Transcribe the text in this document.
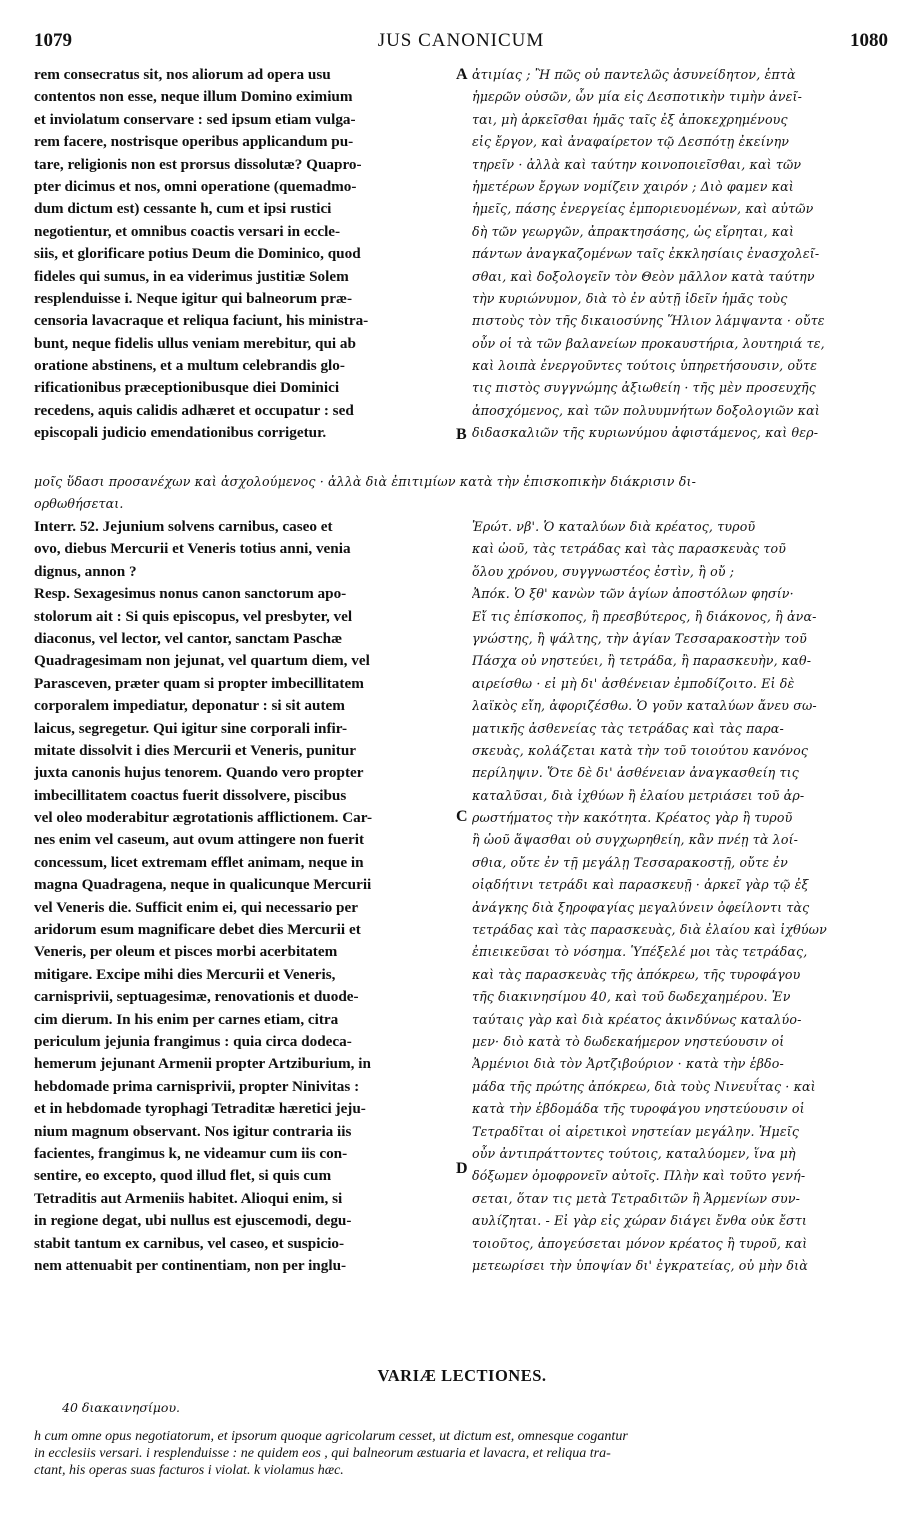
1079	JUS CANONICUM	1080
rem consecratus sit, nos aliorum ad opera usu
contentos non esse, neque illum Domino eximium
et inviolatum conservare : sed ipsum etiam vulga-
rem facere, nostrisque operibus applicandum pu-
tare, religionis non est prorsus dissolutæ? Quapro-
pter dicimus et nos, omni operatione (quemadmo-
dum dictum est) cessante h, cum et ipsi rustici
negotientur, et omnibus coactis versari in eccle-
siis, et glorificare potius Deum die Dominico, quod
fideles qui sumus, in ea viderimus justitiæ Solem
resplenduisse i. Neque igitur qui balneorum præ-
censoria lavacraque et reliqua faciunt, his ministra-
bunt, neque fidelis ullus veniam merebitur, qui ab
oratione abstinens, et a multum celebrandis glo-
rificationibus præceptionibusque diei Dominici
recedens, aquis calidis adhæret et occupatur : sed
episcopali judicio emendationibus corrigetur.
ἀτιμίας ; Ἢ πῶς οὐ παντελῶς ἀσυνείδητον, ἑπτὰ
ἡμερῶν οὐσῶν, ὧν μία εἰς Δεσποτικὴν τιμὴν ἀνεῖ-
ται, μὴ ἀρκεῖσθαι ἡμᾶς ταῖς ἐξ ἀποκεχρημένους
εἰς ἔργον, καὶ ἀναφαίρετον τῷ Δεσπότῃ ἐκείνην
τηρεῖν · ἀλλὰ καὶ ταύτην κοινοποιεῖσθαι, καὶ τῶν
ἡμετέρων ἔργων νομίζειν χαιρόν ; Διὸ φαμεν καὶ
ἡμεῖς, πάσης ἐνεργείας ἐμποριευομένων, καὶ αὐτῶν
δὴ τῶν γεωργῶν, ἀπρακτησάσης, ὡς εἴρηται, καὶ
πάντων ἀναγκαζομένων ταῖς ἐκκλησίαις ἐνασχολεῖ-
σθαι, καὶ δοξολογεῖν τὸν Θεὸν μᾶλλον κατὰ ταύτην
τὴν κυριώνυμον, διὰ τὸ ἐν αὐτῇ ἰδεῖν ἡμᾶς τοὺς
πιστοὺς τὸν τῆς δικαιοσύνης Ἥλιον λάμψαντα · οὔτε
οὖν οἱ τὰ τῶν βαλανείων προκαυστήρια, λουτηριά τε,
καὶ λοιπὰ ἐνεργοῦντες τούτοις ὑπηρετήσουσιν, οὔτε
τις πιστὸς συγγνώμης ἀξιωθείη · τῆς μὲν προσευχῆς
ἀποσχόμενος, καὶ τῶν πολυυμνήτων δοξολογιῶν καὶ
διδασκαλιῶν τῆς κυριωνύμου ἀφιστάμενος, καὶ θερ-
A
B
μοῖς ὕδασι προσανέχων καὶ ἀσχολούμενος · ἀλλὰ διὰ ἐπιτιμίων κατὰ τὴν ἐπισκοπικὴν διάκρισιν δι-
ορθωθήσεται.
Interr. 52. Jejunium solvens carnibus, caseo et
ovo, diebus Mercurii et Veneris totius anni, venia
dignus, annon ?
Resp. Sexagesimus nonus canon sanctorum apo-
stolorum ait : Si quis episcopus, vel presbyter, vel
diaconus, vel lector, vel cantor, sanctam Paschæ
Quadragesimam non jejunat, vel quartum diem, vel
Parasceven, præter quam si propter imbecillitatem
corporalem impediatur, deponatur : si sit autem
laicus, segregetur. Qui igitur sine corporali infir-
mitate dissolvit i dies Mercurii et Veneris, punitur
juxta canonis hujus tenorem. Quando vero propter
imbecillitatem coactus fuerit dissolvere, piscibus
vel oleo moderabitur ægrotationis afflictionem. Car-
nes enim vel caseum, aut ovum attingere non fuerit
concessum, licet extremam efflet animam, neque in
magna Quadragena, neque in qualicunque Mercurii
vel Veneris die. Sufficit enim ei, qui necessario per
aridorum esum magnificare debet dies Mercurii et
Veneris, per oleum et pisces morbi acerbitatem
mitigare. Excipe mihi dies Mercurii et Veneris,
carnisprivii, septuagesimæ, renovationis et duode-
cim dierum. In his enim per carnes etiam, citra
periculum jejunia frangimus : quia circa dodeca-
hemerum jejunant Armenii propter Artziburium, in
hebdomade prima carnisprivii, propter Ninivitas :
et in hebdomade tyrophagi Tetraditæ hæretici jeju-
nium magnum observant. Nos igitur contraria iis
facientes, frangimus k, ne videamur cum iis con-
sentire, eo excepto, quod illud flet, si quis cum
Tetraditis aut Armeniis habitet. Alioqui enim, si
in regione degat, ubi nullus est ejuscemodi, degu-
stabit tantum ex carnibus, vel caseo, et suspicio-
nem attenuabit per continentiam, non per inglu-
Ἐρώτ. νβ'. Ὁ καταλύων διὰ κρέατος, τυροῦ
καὶ ὠοῦ, τὰς τετράδας καὶ τὰς παρασκευὰς τοῦ
ὅλου χρόνου, συγγνωστέος ἐστὶν, ἢ οὔ ;
Ἀπόκ. Ὁ ξθ' κανὼν τῶν ἁγίων ἀποστόλων φησίν·
Εἴ τις ἐπίσκοπος, ἢ πρεσβύτερος, ἢ διάκονος, ἢ ἀνα-
γνώστης, ἢ ψάλτης, τὴν ἁγίαν Τεσσαρακοστὴν τοῦ
Πάσχα οὐ νηστεύει, ἢ τετράδα, ἢ παρασκευὴν, καθ-
αιρείσθω · εἰ μὴ δι' ἀσθένειαν ἐμποδίζοιτο. Εἰ δὲ
λαϊκὸς εἴη, ἀφοριζέσθω. Ὁ γοῦν καταλύων ἄνευ σω-
ματικῆς ἀσθενείας τὰς τετράδας καὶ τὰς παρα-
σκευὰς, κολάζεται κατὰ τὴν τοῦ τοιούτου κανόνος
περίληψιν. Ὅτε δὲ δι' ἀσθένειαν ἀναγκασθείη τις
καταλῦσαι, διὰ ἰχθύων ἢ ἐλαίου μετριάσει τοῦ ἀρ-
ρωστήματος τὴν κακότητα. Κρέατος γὰρ ἢ τυροῦ
ἢ ὠοῦ ἅψασθαι οὐ συγχωρηθείη, κἂν πνέῃ τὰ λοί-
σθια, οὔτε ἐν τῇ μεγάλῃ Τεσσαρακοστῇ, οὔτε ἐν
οἱᾳδήτινι τετράδι καὶ παρασκευῇ · ἀρκεῖ γὰρ τῷ ἐξ
ἀνάγκης διὰ ξηροφαγίας μεγαλύνειν ὀφείλοντι τὰς
τετράδας καὶ τὰς παρασκευὰς, διὰ ἐλαίου καὶ ἰχθύων
ἐπιεικεῦσαι τὸ νόσημα. Ὑπέξελέ μοι τὰς τετράδας,
καὶ τὰς παρασκευὰς τῆς ἀπόκρεω, τῆς τυροφάγου
τῆς διακινησίμου 40, καὶ τοῦ δωδεχαημέρου. Ἐν
ταύταις γὰρ καὶ διὰ κρέατος ἀκινδύνως καταλύο-
μεν· διὸ κατὰ τὸ δωδεκαήμερον νηστεύουσιν οἱ
Ἀρμένιοι διὰ τὸν Ἀρτζιβούριον · κατὰ τὴν ἑβδο-
μάδα τῆς πρώτης ἀπόκρεω, διὰ τοὺς Νινευΐτας · καὶ
κατὰ τὴν ἑβδομάδα τῆς τυροφάγου νηστεύουσιν οἱ
Τετραδῖται οἱ αἱρετικοὶ νηστείαν μεγάλην. Ἡμεῖς
οὖν ἀντιπράττοντες τούτοις, καταλύομεν, ἵνα μὴ
δόξωμεν ὁμοφρονεῖν αὐτοῖς. Πλὴν καὶ τοῦτο γενή-
σεται, ὅταν τις μετὰ Τετραδιτῶν ἢ Ἀρμενίων συν-
αυλίζηται. - Εἰ γὰρ εἰς χώραν διάγει ἔνθα οὐκ ἔστι
τοιοῦτος, ἀπογεύσεται μόνον κρέατος ἢ τυροῦ, καὶ
μετεωρίσει τὴν ὑποψίαν δι' ἐγκρατείας, οὐ μὴν διὰ
C
D
VARIÆ LECTIONES.
40 διακαινησίμου.
h cum omne opus negotiatorum, et ipsorum quoque agricolarum cesset, ut dictum est, omnesque cogantur
in ecclesiis versari. i resplenduisse : ne quidem eos , qui balneorum æstuaria et lavacra, et reliqua tra-
ctant, his operas suas facturos i violat. k violamus hæc.
